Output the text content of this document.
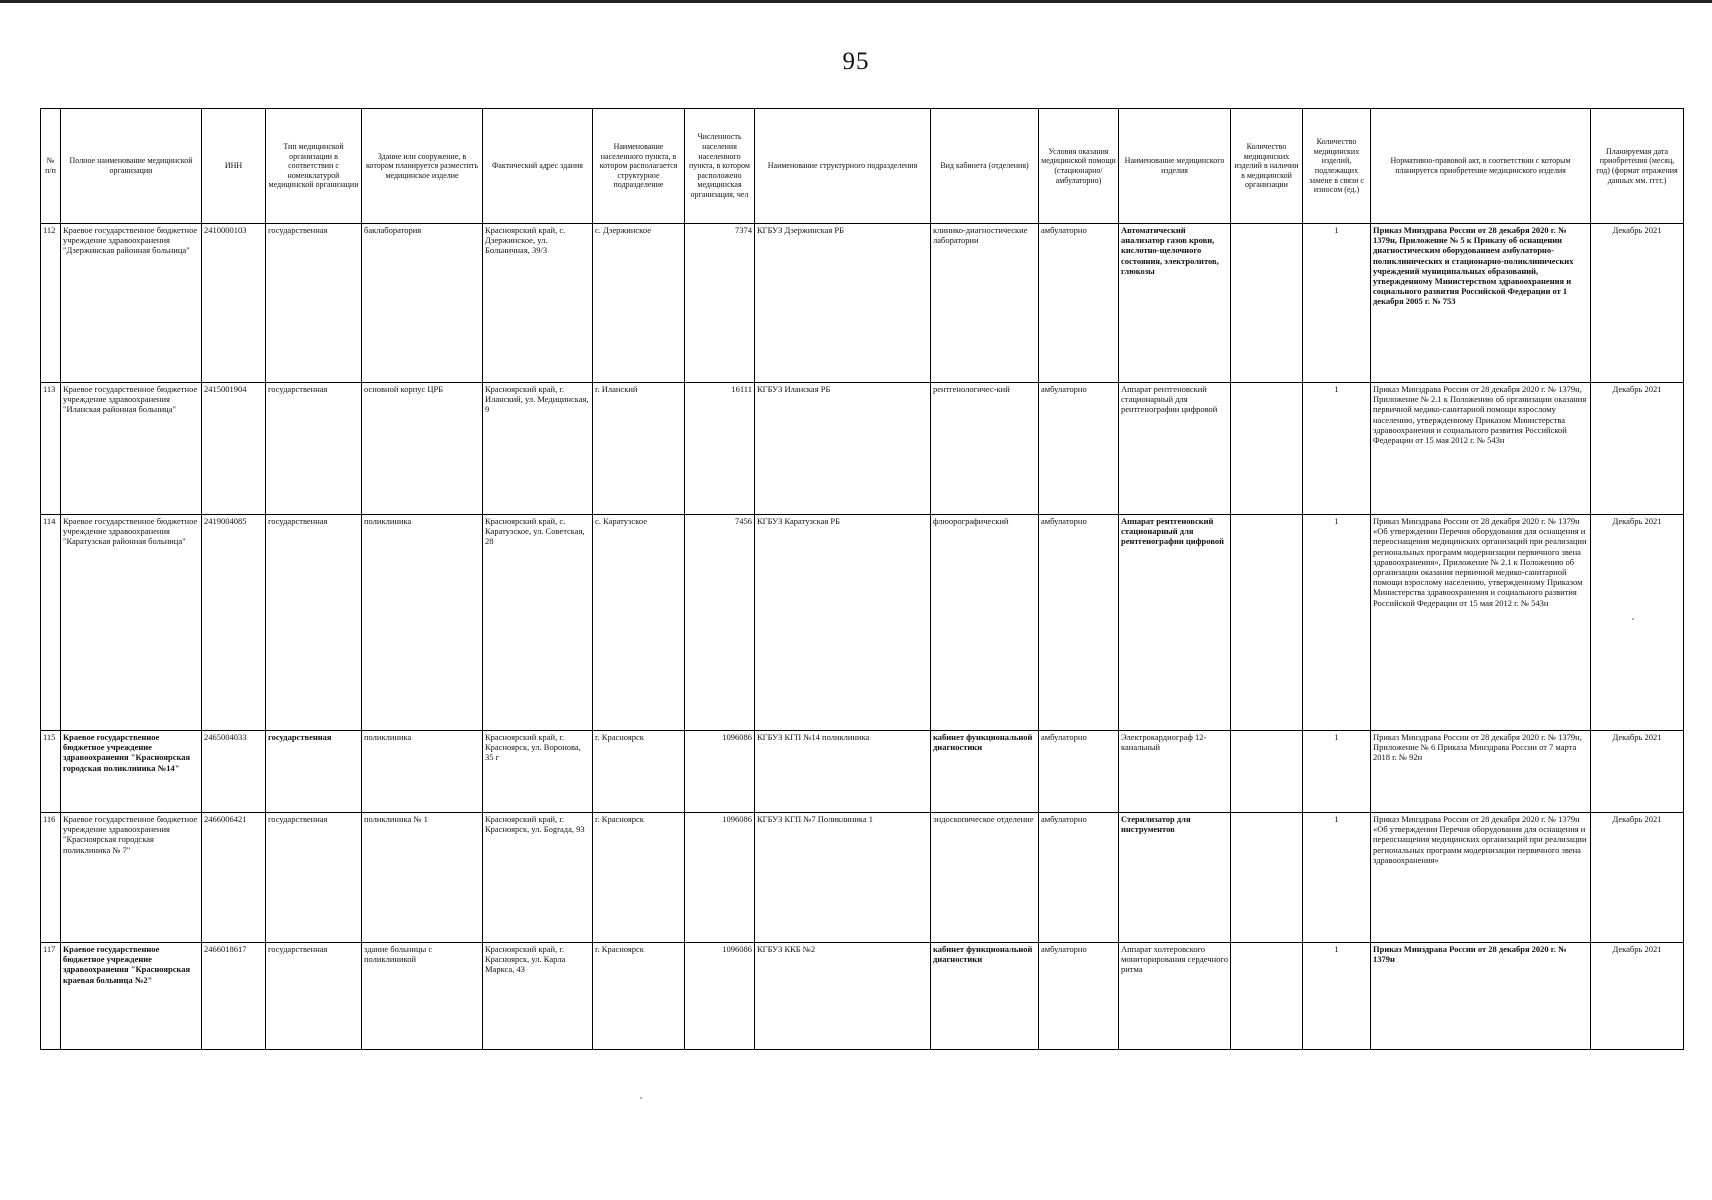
95
№ п/п	Полное наименование медицинской организации	ИНН	Тип медицинской организации в соответствии с номенклатурой медицинской организации	Здание или сооружение, в котором планируется разместить медицинское изделие	Фактический адрес здания	Наименование населенного пункта, в котором располагается структурное подразделение	Численность населения населенного пункта, в котором расположено медицинская организация, чел	Наименование структурного подразделения	Вид кабинета (отделения)	Условия оказания медицинской помощи (стационарно/ амбулаторно)	Наименование медицинского изделия	Количество медицинских изделий в наличии в медицинской организации	Количество медицинских изделий, подлежащих замене в связи с износом (ед.)	Нормативно-правовой акт, в соответствии с которым планируется приобретение медицинского изделия	Планируемая дата приобретения (месяц, год) (формат отражения данных мм. гггг.)
112	Краевое государственное бюджетное учреждение здравоохранения "Дзержинская районная больница"	2410000103	государственная	баклаборатория	Красноярский край, с. Дзержинское, ул. Больничная, 39/3	с. Дзержинское	7374	КГБУЗ Дзержинская РБ	клинико-диагностические лаборатории	амбулаторно	Автоматический анализатор газов крови, кислотно-щелочного состояния, электролитов, глюкозы		1	Приказ Минздрава России от 28 декабря 2020 г. № 1379н, Приложение № 5 к Приказу об оснащении диагностическим оборудованием амбулаторно-поликлинических и стационарно-поликлинических учреждений муниципальных образований, утвержденному Министерством здравоохранения и социального развития Российской Федерации от 1 декабря 2005 г. № 753	Декабрь 2021
113	Краевое государственное бюджетное учреждение здравоохранения "Иланская районная больница"	2415001904	государственная	основной корпус ЦРБ	Красноярский край, г. Иланский, ул. Медицинская, 9	г. Иланский	16111	КГБУЗ Иланская РБ	рентгенологичес-кий	амбулаторно	Аппарат рентгеновский стационарный для рентгенографии цифровой		1	Приказ Минздрава России от 28 декабря 2020 г. № 1379н, Приложение № 2.1 к Положению об организации оказания первичной медико-санитарной помощи взрослому населению, утвержденному Приказом Министерства здравоохранения и социального развития Российской Федерации от 15 мая 2012 г. № 543н	Декабрь 2021
114	Краевое государственное бюджетное учреждение здравоохранения "Каратузская районная больница"	2419004085	государственная	поликлиника	Красноярский край, с. Каратузское, ул. Советская, 28	с. Каратузское	7456	КГБУЗ Каратузская РБ	флюорографический	амбулаторно	Аппарат рентгеновский стационарный для рентгенографии цифровой		1	Приказ Минздрава России от 28 декабря 2020 г. № 1379н «Об утверждении Перечня оборудования для оснащения и переоснащения медицинских организаций при реализации региональных программ модернизации первичного звена здравоохранения», Приложение № 2.1 к Положению об организации оказания первичной медико-санитарной помощи взрослому населению, утвержденному Приказом Министерства здравоохранения и социального развития Российской Федерации от 15 мая 2012 г. № 543н	Декабрь 2021
115	Краевое государственное бюджетное учреждение здравоохранения "Красноярская городская поликлиника №14"	2465004033	государственная	поликлиника	Красноярский край, г. Красноярск, ул. Воронова, 35 г	г. Красноярск	1096086	КГБУЗ КГП №14 поликлиника	кабинет функциональной диагностики	амбулаторно	Электрокардиограф 12-канальный		1	Приказ Минздрава России от 28 декабря 2020 г. № 1379н, Приложение № 6 Приказа Минздрава России от 7 марта 2018 г. № 92н	Декабрь 2021
116	Краевое государственное бюджетное учреждение здравоохранения "Красноярская городская поликлиника № 7"	2466006421	государственная	поликлиника № 1	Красноярский край, г. Красноярск, ул. Бograда, 93	г. Красноярск	1096086	КГБУЗ КГП №7 Поликлиника 1	эндоскопическое отделение	амбулаторно	Стерилизатор для инструментов		1	Приказ Минздрава России от 28 декабря 2020 г. № 1379н «Об утверждении Перечня оборудования для оснащения и переоснащения медицинских организаций при реализации региональных программ модернизации первичного звена здравоохранения»	Декабрь 2021
117	Краевое государственное бюджетное учреждение здравоохранения "Красноярская краевая больница №2"	2466018617	государственная	здание больницы с поликлиникой	Красноярский край, г. Красноярск, ул. Карла Маркса, 43	г. Красноярск	1096086	КГБУЗ ККБ №2	кабинет функциональной диагностики	амбулаторно	Аппарат холтеровского мониторирования сердечного ритма		1	Приказ Минздрава России от 28 декабря 2020 г. № 1379н	Декабрь 2021
